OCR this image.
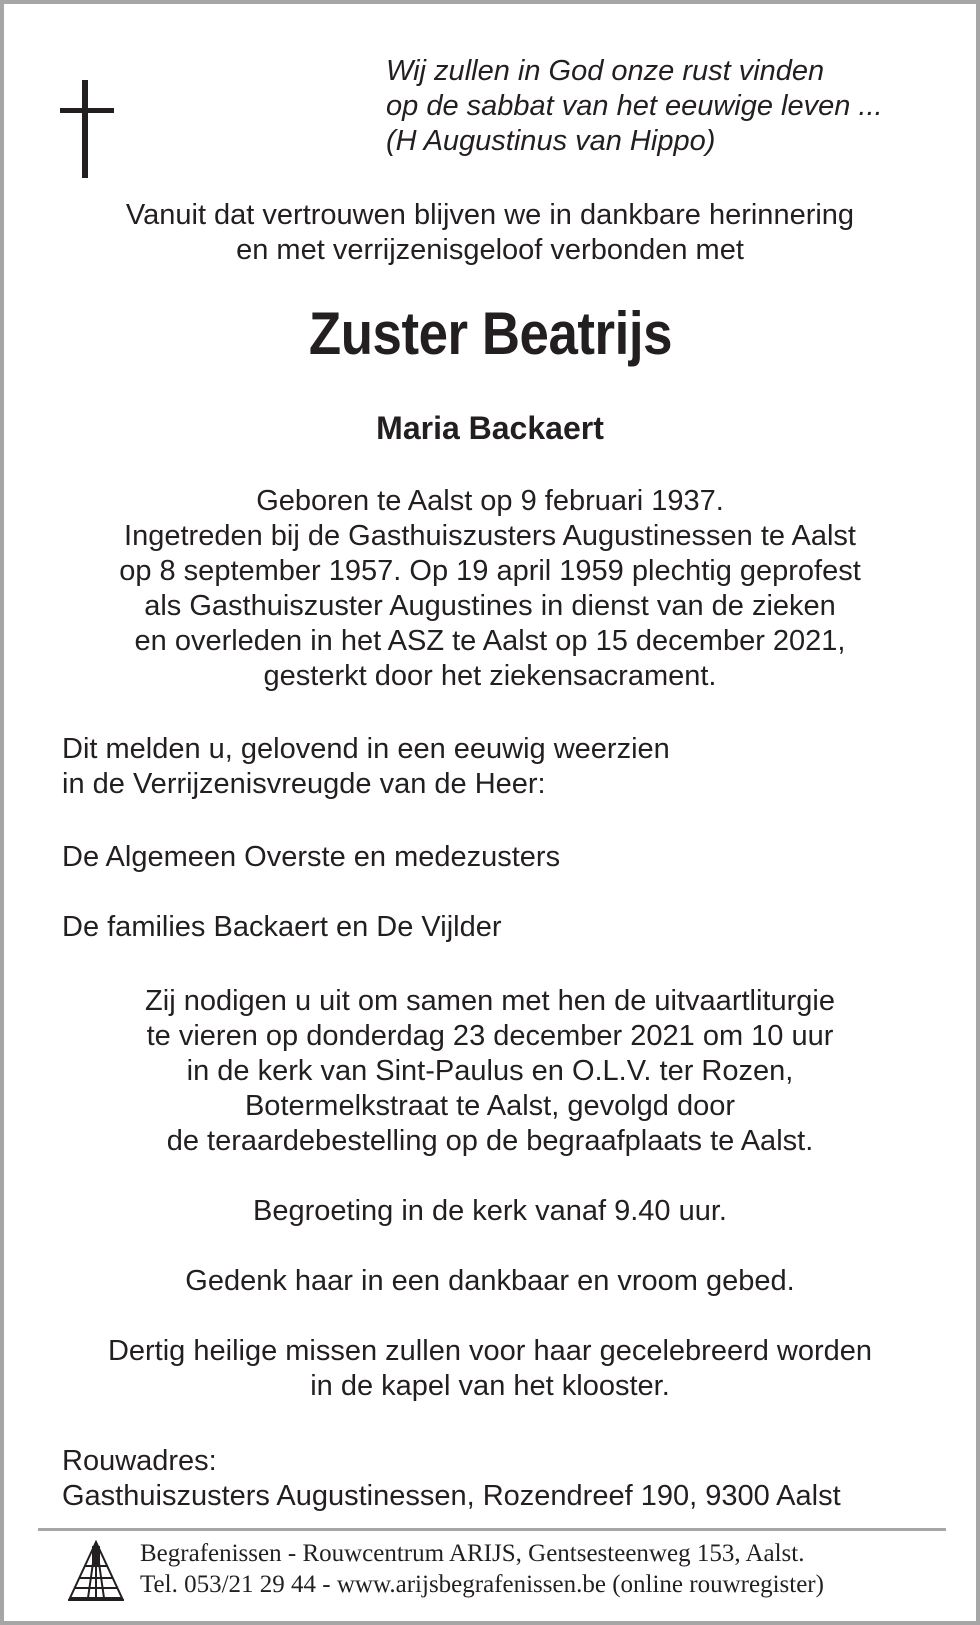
Wij zullen in God onze rust vinden
op de sabbat van het eeuwige leven ...
(H Augustinus van Hippo)
Vanuit dat vertrouwen blijven we in dankbare herinnering
en met verrijzenisgeloof verbonden met
Zuster Beatrijs
Maria Backaert
Geboren te Aalst op 9 februari 1937.
Ingetreden bij de Gasthuiszusters Augustinessen te Aalst
op 8 september 1957. Op 19 april 1959 plechtig geprofest
als Gasthuiszuster Augustines in dienst van de zieken
en overleden in het ASZ te Aalst op 15 december 2021,
gesterkt door het ziekensacrament.
Dit melden u, gelovend in een eeuwig weerzien
in de Verrijzenisvreugde van de Heer:
De Algemeen Overste en medezusters
De families Backaert en De Vijlder
Zij nodigen u uit om samen met hen de uitvaartliturgie
te vieren op donderdag 23 december 2021 om 10 uur
in de kerk van Sint-Paulus en O.L.V. ter Rozen,
Botermelkstraat te Aalst, gevolgd door
de teraardebestelling op de begraafplaats te Aalst.
Begroeting in de kerk vanaf 9.40 uur.
Gedenk haar in een dankbaar en vroom gebed.
Dertig heilige missen zullen voor haar gecelebreerd worden
in de kapel van het klooster.
Rouwadres:
Gasthuiszusters Augustinessen, Rozendreef 190, 9300 Aalst
Begrafenissen - Rouwcentrum ARIJS, Gentsesteenweg 153, Aalst.
Tel. 053/21 29 44 - www.arijsbegrafenissen.be (online rouwregister)
